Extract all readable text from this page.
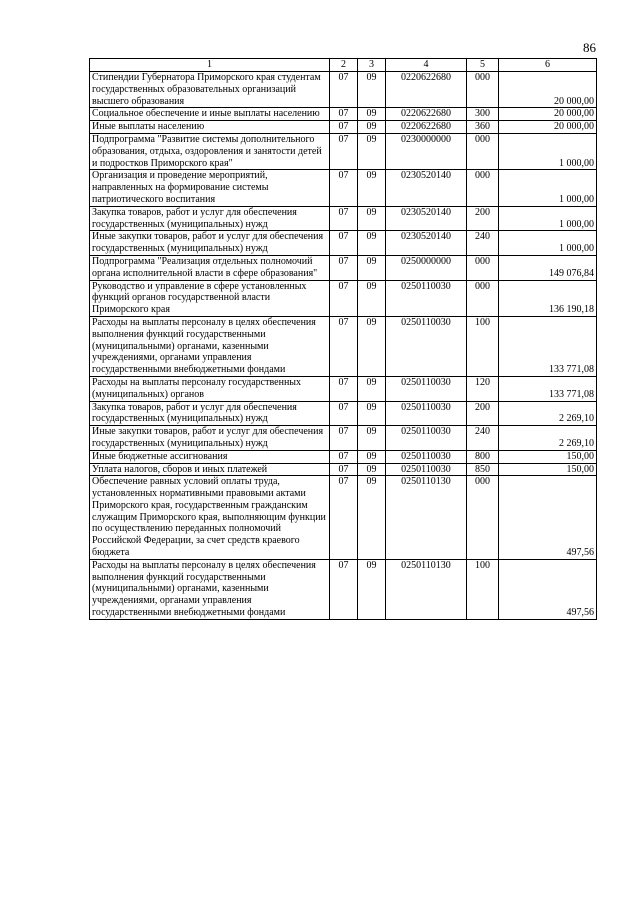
86
1	2	3	4	5	6
Стипендии Губернатора Приморского края студентам государственных образовательных организаций высшего образования	07	09	0220622680	000	20 000,00
Социальное обеспечение и иные выплаты населению	07	09	0220622680	300	20 000,00
Иные выплаты населению	07	09	0220622680	360	20 000,00
Подпрограмма "Развитие системы дополнительного образования, отдыха, оздоровления и занятости детей и подростков Приморского края"	07	09	0230000000	000	1 000,00
Организация и проведение мероприятий, направленных на формирование системы патриотического воспитания	07	09	0230520140	000	1 000,00
Закупка товаров, работ и услуг для обеспечения государственных (муниципальных) нужд	07	09	0230520140	200	1 000,00
Иные закупки товаров, работ и услуг для обеспечения государственных (муниципальных) нужд	07	09	0230520140	240	1 000,00
Подпрограмма "Реализация отдельных полномочий органа исполнительной власти в сфере образования"	07	09	0250000000	000	149 076,84
Руководство и управление в сфере установленных функций органов государственной власти Приморского края	07	09	0250110030	000	136 190,18
Расходы на выплаты персоналу в целях обеспечения выполнения функций государственными (муниципальными) органами, казенными учреждениями, органами управления государственными внебюджетными фондами	07	09	0250110030	100	133 771,08
Расходы на выплаты персоналу государственных (муниципальных) органов	07	09	0250110030	120	133 771,08
Закупка товаров, работ и услуг для обеспечения государственных (муниципальных) нужд	07	09	0250110030	200	2 269,10
Иные закупки товаров, работ и услуг для обеспечения государственных (муниципальных) нужд	07	09	0250110030	240	2 269,10
Иные бюджетные ассигнования	07	09	0250110030	800	150,00
Уплата налогов, сборов и иных платежей	07	09	0250110030	850	150,00
Обеспечение равных условий оплаты труда, установленных нормативными правовыми актами Приморского края, государственным гражданским служащим Приморского края, выполняющим функции по осуществлению переданных полномочий Российской Федерации, за счет средств краевого бюджета	07	09	0250110130	000	497,56
Расходы на выплаты персоналу в целях обеспечения выполнения функций государственными (муниципальными) органами, казенными учреждениями, органами управления государственными внебюджетными фондами	07	09	0250110130	100	497,56
